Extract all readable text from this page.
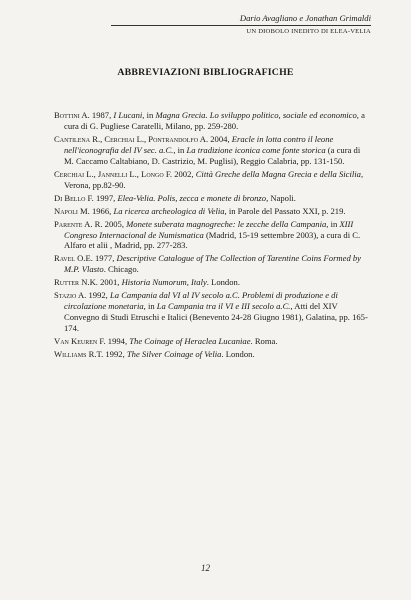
Dario Avagliano e Jonathan Grimaldi
UN DIOBOLO INEDITO DI ELEA-VELIA
ABBREVIAZIONI BIBLIOGRAFICHE

Bottini A. 1987, I Lucani, in Magna Grecia. Lo sviluppo politico, sociale ed economico, a cura di G. Pugliese Caratelli, Milano, pp. 259-280.

Cantilena R., Cerchiai L., Pontrandolfo A. 2004, Eracle in lotta contro il leone nell'iconografia del IV sec. a.C., in La tradizione iconica come fonte storica (a cura di M. Caccamo Caltabiano, D. Castrizio, M. Puglisi), Reggio Calabria, pp. 131-150.

Cerchiai L., Jannelli L., Longo F. 2002, Città Greche della Magna Grecia e della Sicilia, Verona, pp.82-90.

Di Bello F. 1997, Elea-Velia. Polis, zecca e monete di bronzo, Napoli.

Napoli M. 1966, La ricerca archeologica di Velia, in Parole del Passato XXI, p. 219.

Parente A. R. 2005, Monete suberata magnogreche: le zecche della Campania, in XIII Congreso Internacional de Numismatica (Madrid, 15-19 settembre 2003), a cura di C. Alfaro et alii , Madrid, pp. 277-283.

Ravel O.E. 1977, Descriptive Catalogue of The Collection of Tarentine Coins Formed by M.P. Vlasto. Chicago.

Rutter N.K. 2001, Historia Numorum, Italy. London.

Stazio A. 1992, La Campania dal VI al IV secolo a.C. Problemi di produzione e di circolazione monetaria, in La Campania tra il VI e III secolo a.C., Atti del XIV Convegno di Studi Etruschi e Italici (Benevento 24-28 Giugno 1981), Galatina, pp. 165-174.

Van Keuren F. 1994, The Coinage of Heraclea Lucaniae. Roma.

Williams R.T. 1992, The Silver Coinage of Velia. London.

12
